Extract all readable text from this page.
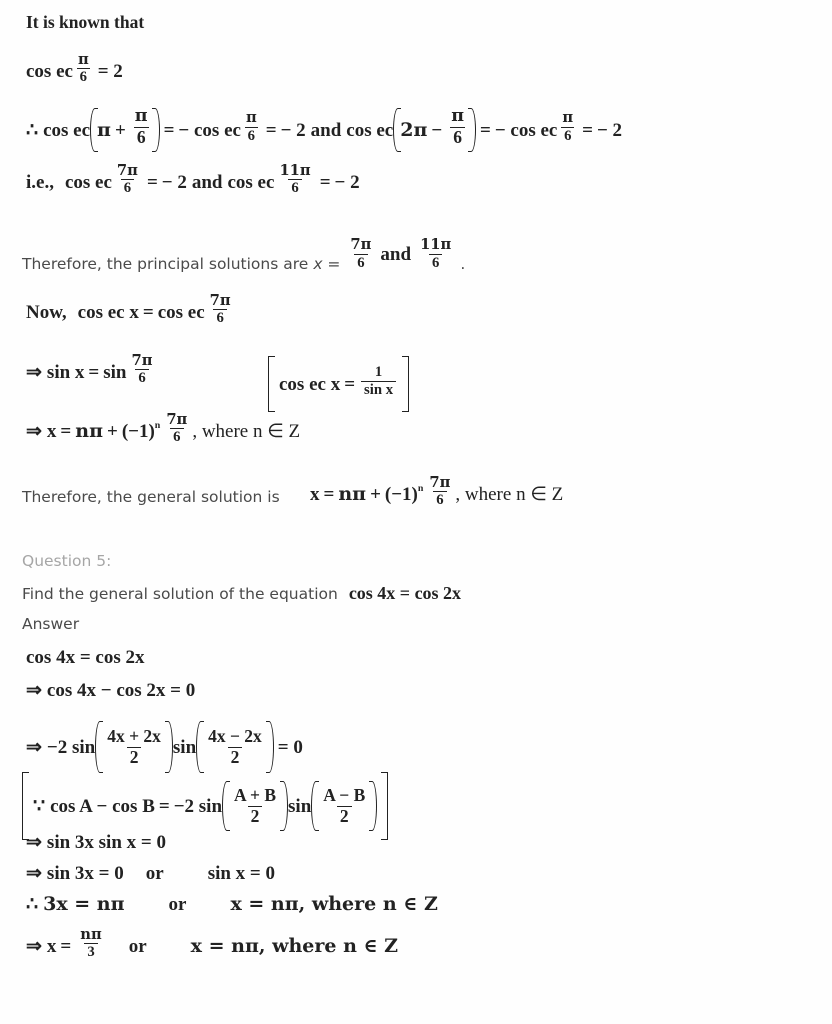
It is known that
cos ec $\frac{\pi}{6} = 2$
∴ cos ec $\pi + \frac{\pi}{6}$ = − cos ec $\frac{\pi}{6}$ = − 2 and cos ec $2\pi - \frac{\pi}{6}$ = − cos ec $\frac{\pi}{6}$ = − 2
i.e., cos ec $\frac{7\pi}{6}$ = − 2 and cos ec $\frac{11\pi}{6}$ = − 2
Therefore, the principal solutions are $x = \frac{7\pi}{6}$ and $\frac{11\pi}{6}$ .
Now, cos ec x = cos ec $\frac{7\pi}{6}$
⇒ $\sin x = \sin \frac{7\pi}{6}$	cos ec $x = \frac{1}{\text{sin x}}$
⇒ x = nπ + (−1) n $\frac{7\pi}{6}$ , where n ∈ Z
Therefore, the general solution is x = nπ + (−1) n $\frac{7\pi}{6}$ , where n ∈ Z
Question 5:
Find the general solution of the equation cos 4x = cos 2x
Answer
cos 4x = cos 2x
⇒ cos 4x − cos 2x = 0
⇒ −2 $\sin \frac{4x + 2x}{2}$ $\sin \frac{4x - 2x}{2} = 0$
∵ cos A − cos B = −2 $\sin \frac{A + B}{2}$ $\sin \frac{A - B}{2}$
⇒ sin 3x sin x = 0
⇒ sin 3x = 0 or sin x = 0
∴ 3x = nπ or x = nπ, where n ∈ Z
⇒ $x = \frac{n\pi}{3}$ or x = nπ, where n ∈ Z
